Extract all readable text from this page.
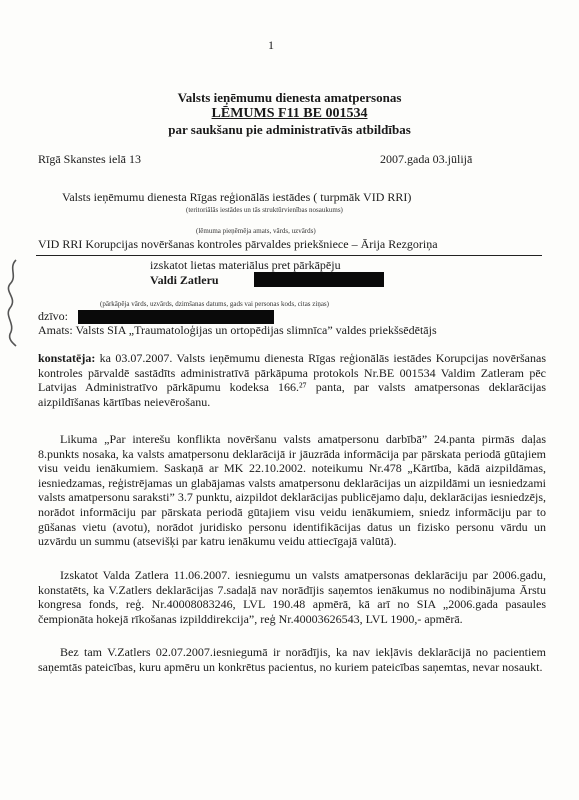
1
Valsts ieņēmumu dienesta amatpersonas
LĒMUMS F11 BE 001534
par saukšanu pie administratīvās atbildības
Rīgā Skanstes ielā 13	2007.gada 03.jūlijā
Valsts ieņēmumu dienesta Rīgas reģionālās iestādes ( turpmāk VID RRI)
(teritoriālās iestādes un tās struktūrvienības nosaukums)
(lēmuma pieņēmēja amats, vārds, uzvārds)
VID RRI Korupcijas novēršanas kontroles pārvaldes priekšniece – Ārija Rezgoriņa
izskatot lietas materiālus pret pārkāpēju
Valdi Zatleru
(pārkāpēja vārds, uzvārds, dzimšanas datums, gads vai personas kods, citas ziņas)
dzīvo:
Amats: Valsts SIA „Traumatoloģijas un ortopēdijas slimnīca” valdes priekšsēdētājs
konstatēja: ka 03.07.2007. Valsts ieņēmumu dienesta Rīgas reģionālās iestādes Korupcijas novēršanas kontroles pārvaldē sastādīts administratīvā pārkāpuma protokols Nr.BE 001534 Valdim Zatleram pēc Latvijas Administratīvo pārkāpumu kodeksa 166.²⁷ panta, par valsts amatpersonas deklarācijas aizpildīšanas kārtības neievērošanu.
Likuma „Par interešu konflikta novēršanu valsts amatpersonu darbībā” 24.panta pirmās daļas 8.punkts nosaka, ka valsts amatpersonu deklarācijā ir jāuzrāda informācija par pārskata periodā gūtajiem visu veidu ienākumiem. Saskaņā ar MK 22.10.2002. noteikumu Nr.478 „Kārtība, kādā aizpildāmas, iesniedzamas, reģistrējamas un glabājamas valsts amatpersonu deklarācijas un aizpildāmi un iesniedzami valsts amatpersonu saraksti” 3.7 punktu, aizpildot deklarācijas publicējamo daļu, deklarācijas iesniedzējs, norādot informāciju par pārskata periodā gūtajiem visu veidu ienākumiem, sniedz informāciju par to gūšanas vietu (avotu), norādot juridisko personu identifikācijas datus un fizisko personu vārdu un uzvārdu un summu (atsevišķi par katru ienākumu veidu attiecīgajā valūtā).
Izskatot Valda Zatlera 11.06.2007. iesniegumu un valsts amatpersonas deklarāciju par 2006.gadu, konstatēts, ka V.Zatlers deklarācijas 7.sadaļā nav norādījis saņemtos ienākumus no nodibinājuma Ārstu kongresa fonds, reģ. Nr.40008083246, LVL 190.48 apmērā, kā arī no SIA „2006.gada pasaules čempionāta hokejā rīkošanas izpilddirekcija”, reģ Nr.40003626543, LVL 1900,- apmērā.
Bez tam V.Zatlers 02.07.2007.iesniegumā ir norādījis, ka nav iekļāvis deklarācijā no pacientiem saņemtās pateicības, kuru apmēru un konkrētus pacientus, no kuriem pateicības saņemtas, nevar nosaukt.
